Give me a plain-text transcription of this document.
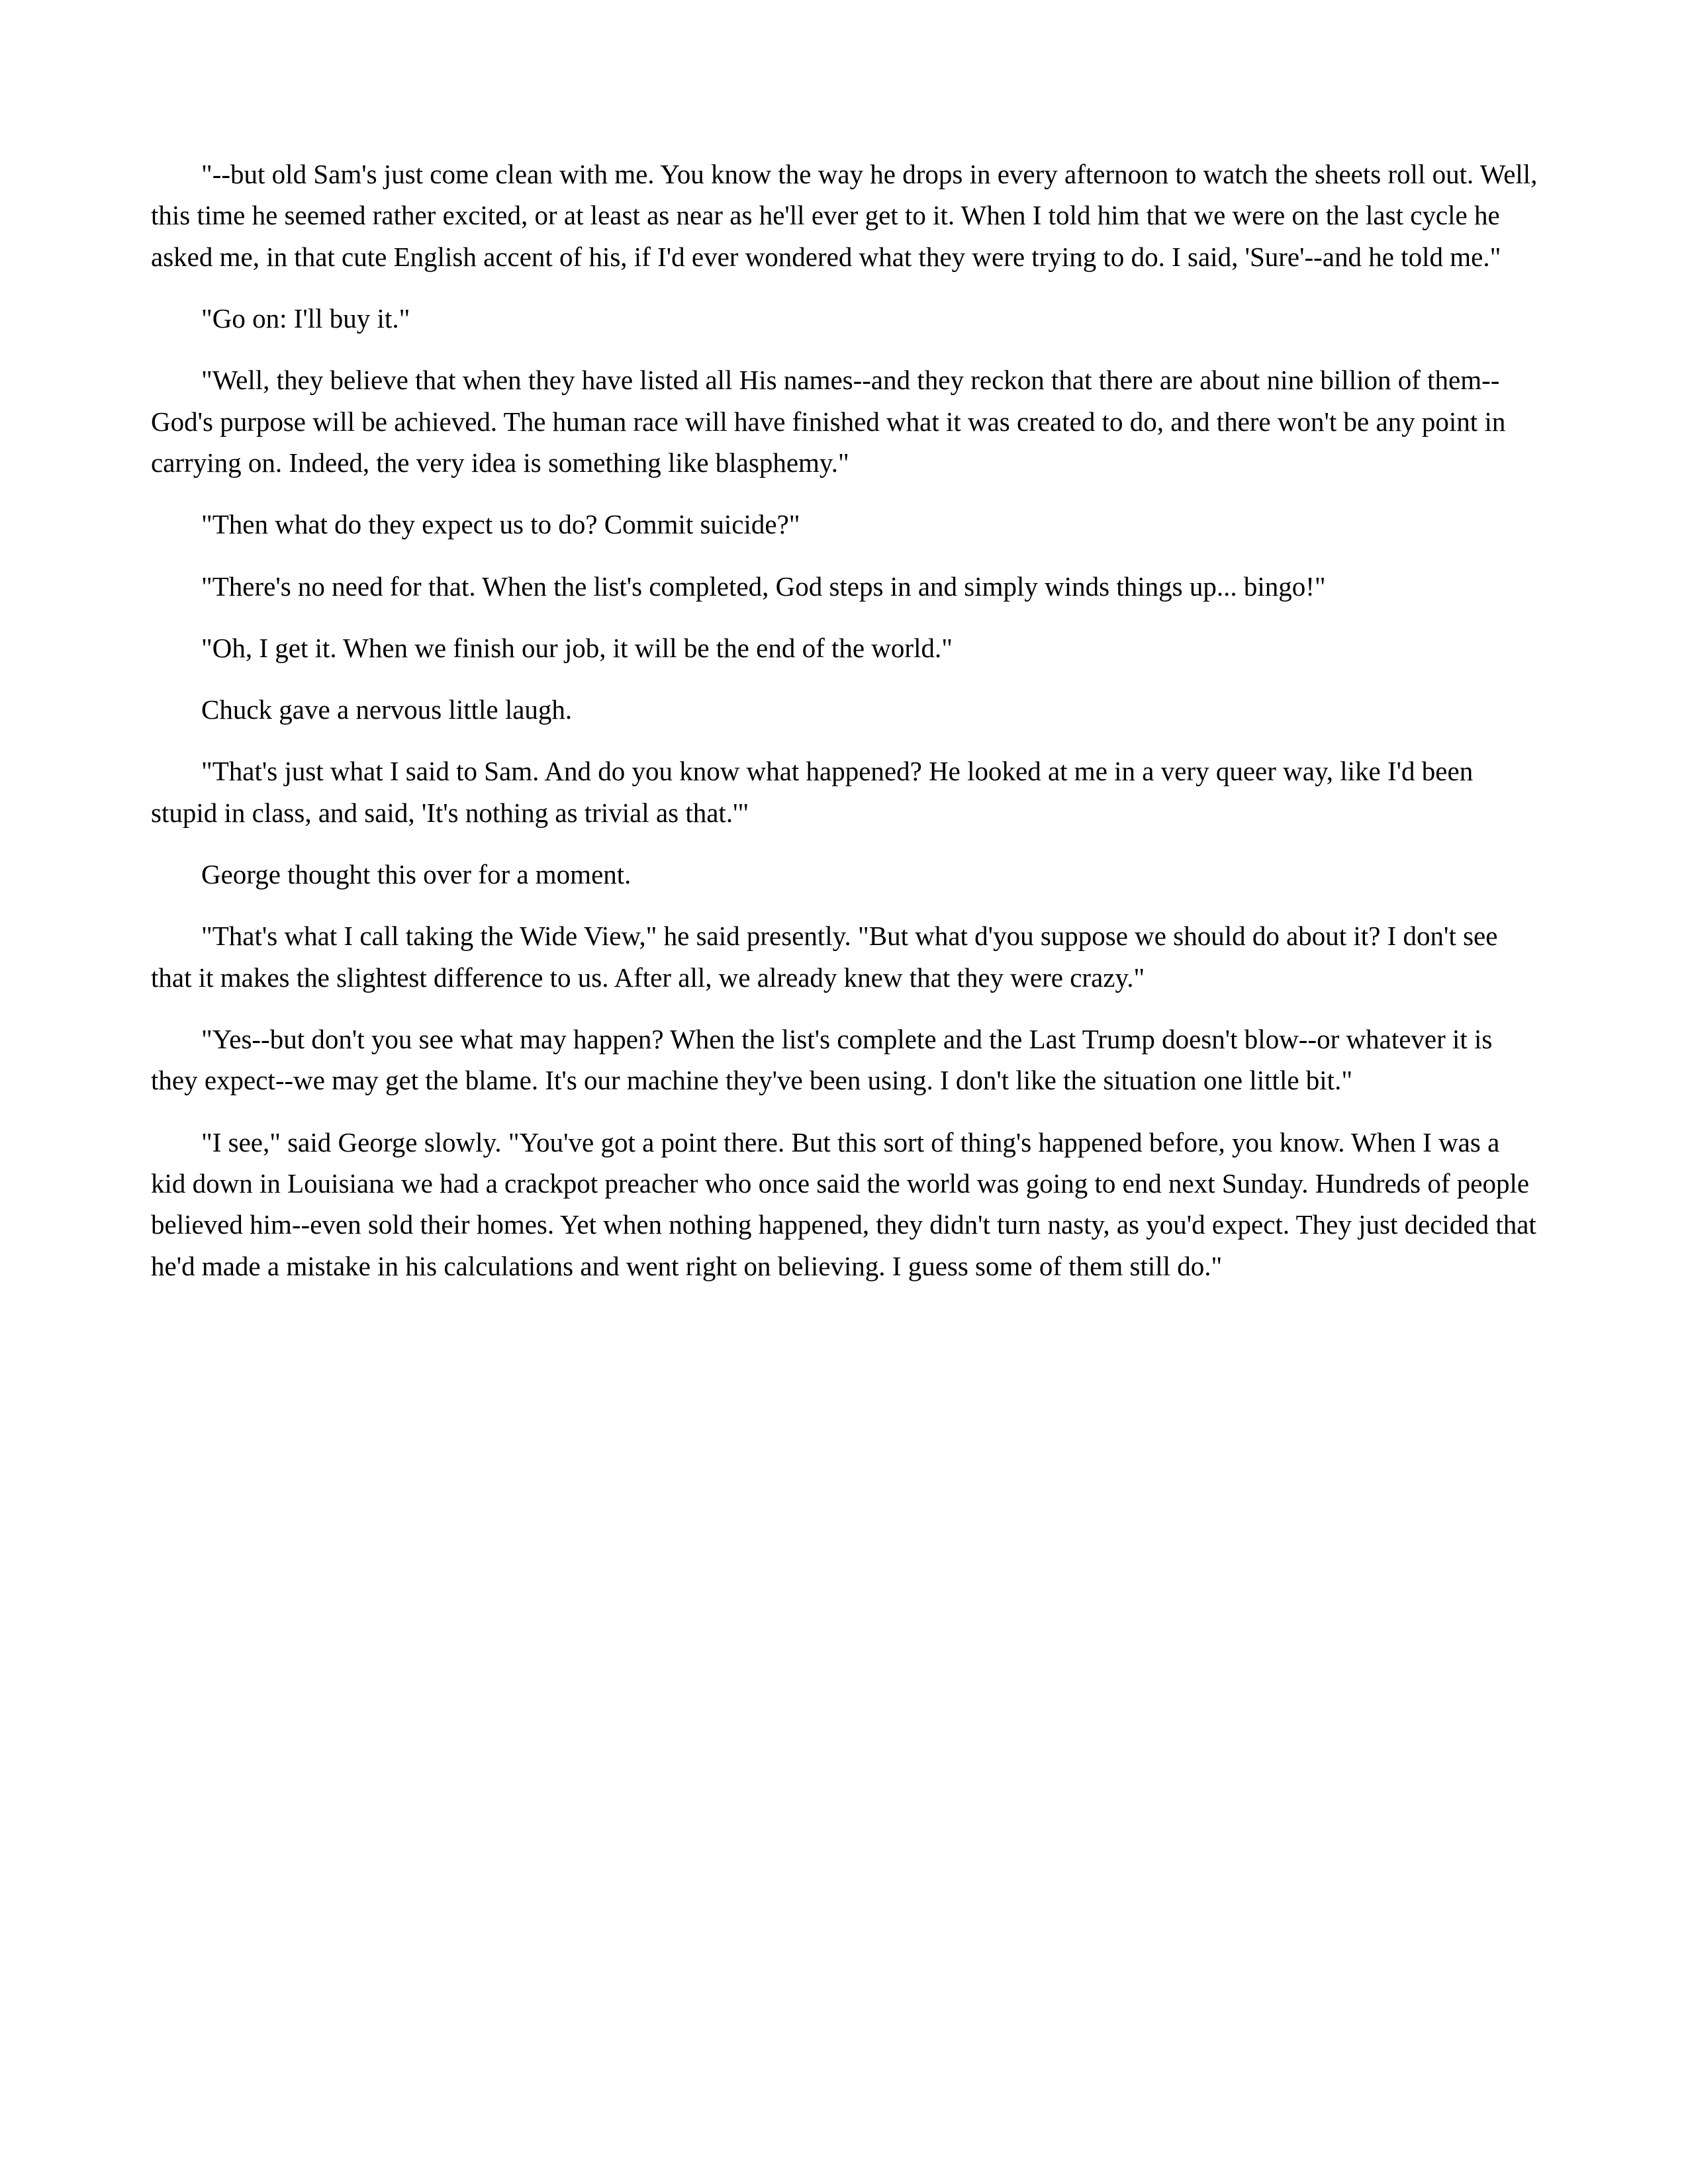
"--but old Sam's just come clean with me. You know the way he drops in every afternoon to watch the sheets roll out. Well, this time he seemed rather excited, or at least as near as he'll ever get to it. When I told him that we were on the last cycle he asked me, in that cute English accent of his, if I'd ever wondered what they were trying to do. I said, 'Sure'--and he told me."

"Go on: I'll buy it."

"Well, they believe that when they have listed all His names--and they reckon that there are about nine billion of them--God's purpose will be achieved. The human race will have finished what it was created to do, and there won't be any point in carrying on. Indeed, the very idea is something like blasphemy."

"Then what do they expect us to do? Commit suicide?"

"There's no need for that. When the list's completed, God steps in and simply winds things up... bingo!"

"Oh, I get it. When we finish our job, it will be the end of the world."

Chuck gave a nervous little laugh.

"That's just what I said to Sam. And do you know what happened? He looked at me in a very queer way, like I'd been stupid in class, and said, 'It's nothing as trivial as that.'"

George thought this over for a moment.

"That's what I call taking the Wide View," he said presently. "But what d'you suppose we should do about it? I don't see that it makes the slightest difference to us. After all, we already knew that they were crazy."

"Yes--but don't you see what may happen? When the list's complete and the Last Trump doesn't blow--or whatever it is they expect--we may get the blame. It's our machine they've been using. I don't like the situation one little bit."

"I see," said George slowly. "You've got a point there. But this sort of thing's happened before, you know. When I was a kid down in Louisiana we had a crackpot preacher who once said the world was going to end next Sunday. Hundreds of people believed him--even sold their homes. Yet when nothing happened, they didn't turn nasty, as you'd expect. They just decided that he'd made a mistake in his calculations and went right on believing. I guess some of them still do."
